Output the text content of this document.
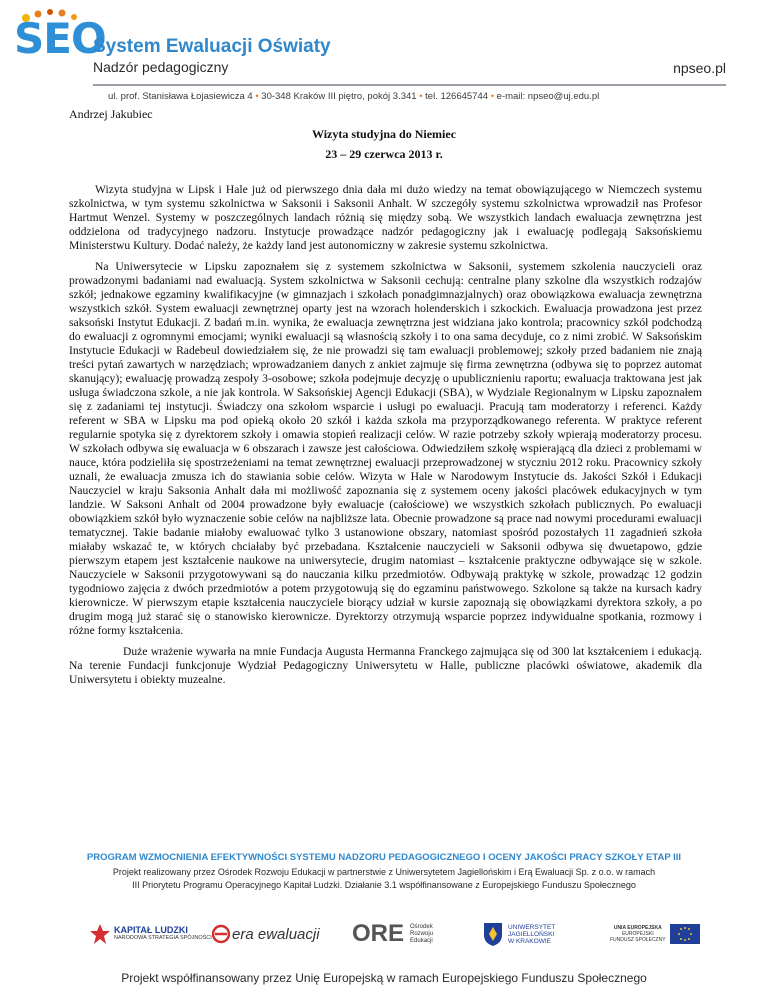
SEO
System Ewaluacji Oświaty
Nadzór pedagogiczny	npseo.pl
ul. prof. Stanisława Łojasiewicza 4 • 30-348 Kraków III piętro, pokój 3.341 • tel. 126645744 • e-mail: npseo@uj.edu.pl
Andrzej Jakubiec
Wizyta studyjna do Niemiec
23 – 29 czerwca 2013 r.

Wizyta studyjna w Lipsk i Hale już od pierwszego dnia dała mi dużo wiedzy na temat obowiązującego w Niemczech systemu szkolnictwa, w tym systemu szkolnictwa w Saksonii i Saksonii Anhalt. W szczegóły systemu szkolnictwa wprowadził nas Profesor Hartmut Wenzel. Systemy w poszczególnych landach różnią się między sobą. We wszystkich landach ewaluacja zewnętrzna jest oddzielona od tradycyjnego nadzoru. Instytucje prowadzące nadzór pedagogiczny jak i ewaluację podlegają Saksońskiemu Ministerstwu Kultury. Dodać należy, że każdy land jest autonomiczny w zakresie systemu szkolnictwa.

Na Uniwersytecie w Lipsku zapoznałem się z systemem szkolnictwa w Saksonii, systemem szkolenia nauczycieli oraz prowadzonymi badaniami nad ewaluacją. System szkolnictwa w Saksonii cechują: centralne plany szkolne dla wszystkich rodzajów szkół; jednakowe egzaminy kwalifikacyjne (w gimnazjach i szkołach ponadgimnazjalnych) oraz obowiązkowa ewaluacja zewnętrzna wszystkich szkół. System ewaluacji zewnętrznej oparty jest na wzorach holenderskich i szkockich. Ewaluacja prowadzona jest przez saksoński Instytut Edukacji. Z badań m.in. wynika, że ewaluacja zewnętrzna jest widziana jako kontrola; pracownicy szkół podchodzą do ewaluacji z ogromnymi emocjami; wyniki ewaluacji są własnością szkoły i to ona sama decyduje, co z nimi zrobić. W Saksońskim Instytucie Edukacji w Radebeul dowiedziałem się, że nie prowadzi się tam ewaluacji problemowej; szkoły przed badaniem nie znają treści pytań zawartych w narzędziach; wprowadzaniem danych z ankiet zajmuje się firma zewnętrzna (odbywa się to poprzez automat skanujący); ewaluację prowadzą zespoły 3-osobowe; szkoła podejmuje decyzję o upublicznieniu raportu; ewaluacja traktowana jest jak usługa świadczona szkole, a nie jak kontrola. W Saksońskiej Agencji Edukacji (SBA), w Wydziale Regionalnym w Lipsku zapoznałem się z zadaniami tej instytucji. Świadczy ona szkołom wsparcie i usługi po ewaluacji. Pracują tam moderatorzy i referenci. Każdy referent w SBA w Lipsku ma pod opieką około 20 szkół i każda szkoła ma przyporządkowanego referenta. W praktyce referent regularnie spotyka się z dyrektorem szkoły i omawia stopień realizacji celów. W razie potrzeby szkoły wpierają moderatorzy procesu. W szkołach odbywa się ewaluacja w 6 obszarach i zawsze jest całościowa. Odwiedziłem szkołę wspierającą dla dzieci z problemami w nauce, która podzieliła się spostrzeżeniami na temat zewnętrznej ewaluacji przeprowadzonej w styczniu 2012 roku. Pracownicy szkoły uznali, że ewaluacja zmusza ich do stawiania sobie celów. Wizyta w Hale w Narodowym Instytucie ds. Jakości Szkół i Edukacji Nauczyciel w kraju Saksonia Anhalt dała mi możliwość zapoznania się z systemem oceny jakości placówek edukacyjnych w tym landzie. W Saksoni Anhalt od 2004 prowadzone były ewaluacje (całościowe) we wszystkich szkołach publicznych. Po ewaluacji obowiązkiem szkół było wyznaczenie sobie celów na najbliższe lata. Obecnie prowadzone są prace nad nowymi procedurami ewaluacji tematycznej. Takie badanie miałoby ewaluować tylko 3 ustanowione obszary, natomiast spośród pozostałych 11 zagadnień szkoła miałaby wskazać te, w których chciałaby być przebadana. Kształcenie nauczycieli w Saksonii odbywa się dwuetapowo, gdzie pierwszym etapem jest kształcenie naukowe na uniwersytecie, drugim natomiast – kształcenie praktyczne odbywające się w szkole. Nauczyciele w Saksonii przygotowywani są do nauczania kilku przedmiotów. Odbywają praktykę w szkole, prowadząc 12 godzin tygodniowo zajęcia z dwóch przedmiotów a potem przygotowują się do egzaminu państwowego. Szkolone są także na kursach kadry kierownicze. W pierwszym etapie kształcenia nauczyciele biorący udział w kursie zapoznają się obowiązkami dyrektora szkoły, a po drugim mogą już starać się o stanowisko kierownicze. Dyrektorzy otrzymują wsparcie poprzez indywidualne spotkania, rozmowy i różne formy kształcenia.

Duże wrażenie wywarła na mnie Fundacja Augusta Hermanna Franckego zajmująca się od 300 lat kształceniem i edukacją. Na terenie Fundacji funkcjonuje Wydział Pedagogiczny Uniwersytetu w Halle, publiczne placówki oświatowe, akademik dla Uniwersytetu i obiekty muzealne.

PROGRAM WZMOCNIENIA EFEKTYWNOŚCI SYSTEMU NADZORU PEDAGOGICZNEGO I OCENY JAKOŚCI PRACY SZKOŁY ETAP III
Projekt realizowany przez Ośrodek Rozwoju Edukacji w partnerstwie z Uniwersytetem Jagiellońskim i Erą Ewaluacji Sp. z o.o. w ramach
III Priorytetu Programu Operacyjnego Kapitał Ludzki. Działanie 3.1 współfinansowane z Europejskiego Funduszu Społecznego
KAPITAŁ LUDZKI
NARODOWA STRATEGIA SPÓJNOŚCI era ewaluacji ORE Ośrodek
Rozwoju
Edukacji
UNIWERSYTET
JAGIELLOŃSKI
W KRAKOWIE
UNIA EUROPEJSKA
EUROPEJSKI
FUNDUSZ SPOŁECZNY
Projekt współfinansowany przez Unię Europejską w ramach Europejskiego Funduszu Społecznego
